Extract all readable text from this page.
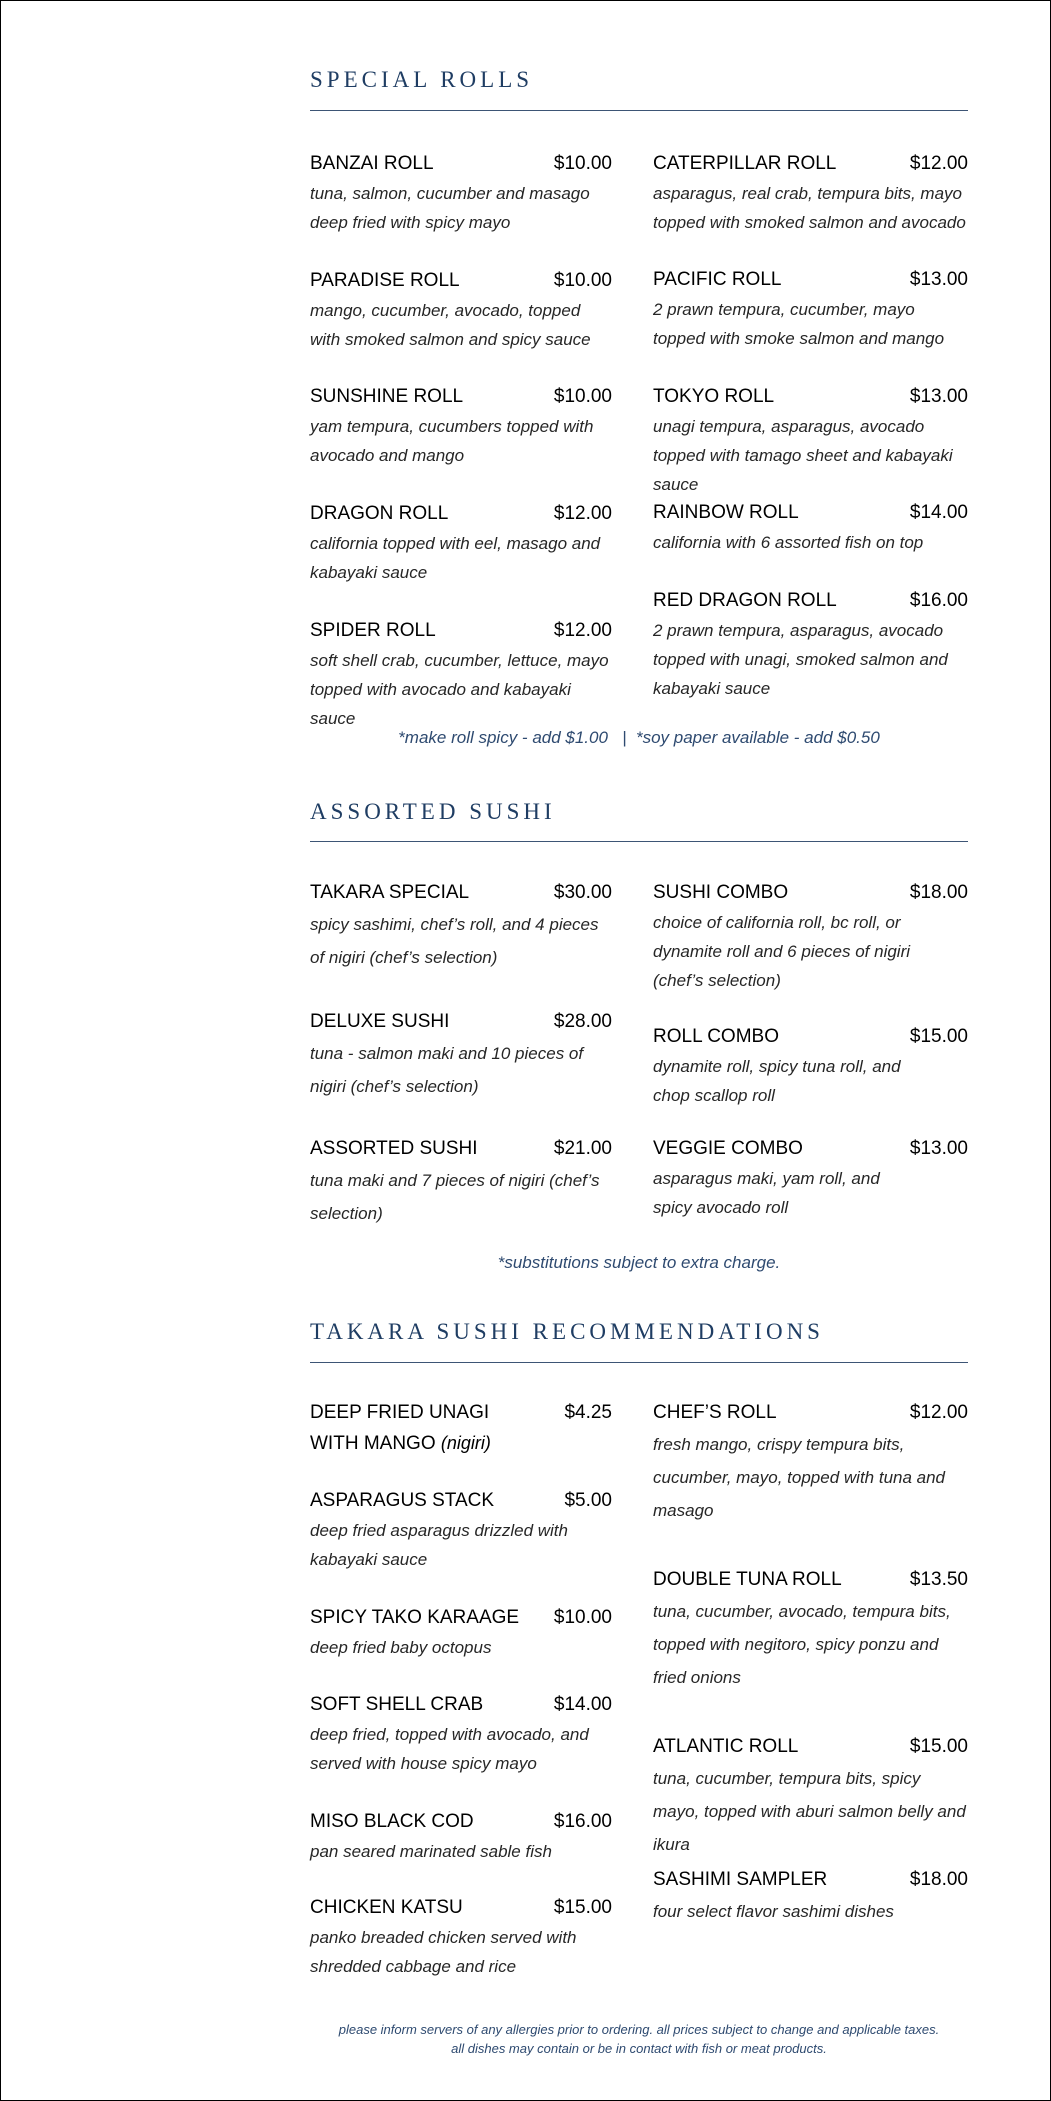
SPECIAL ROLLS
BANZAI ROLL	$10.00
tuna, salmon, cucumber and masago deep fried with spicy mayo
PARADISE ROLL	$10.00
mango, cucumber, avocado, topped with smoked salmon and spicy sauce
SUNSHINE ROLL	$10.00
yam tempura, cucumbers topped with avocado and mango
DRAGON ROLL	$12.00
california topped with eel, masago and kabayaki sauce
SPIDER ROLL	$12.00
soft shell crab, cucumber, lettuce, mayo topped with avocado and kabayaki sauce
CATERPILLAR ROLL	$12.00
asparagus, real crab, tempura bits, mayo topped with smoked salmon and avocado
PACIFIC ROLL	$13.00
2 prawn tempura, cucumber, mayo topped with smoke salmon and mango
TOKYO ROLL	$13.00
unagi tempura, asparagus, avocado topped with tamago sheet and kabayaki sauce
RAINBOW ROLL	$14.00
california with 6 assorted fish on top
RED DRAGON ROLL	$16.00
2 prawn tempura, asparagus, avocado topped with unagi, smoked salmon and kabayaki sauce
*make roll spicy - add $1.00   |  *soy paper available - add $0.50
ASSORTED SUSHI
TAKARA SPECIAL	$30.00
spicy sashimi, chef’s roll, and 4 pieces of nigiri (chef’s selection)
DELUXE SUSHI	$28.00
tuna - salmon maki and 10 pieces of nigiri (chef’s selection)
ASSORTED SUSHI	$21.00
tuna maki and 7 pieces of nigiri (chef’s selection)
SUSHI COMBO	$18.00
choice of california roll, bc roll, or dynamite roll and 6 pieces of nigiri (chef’s selection)
ROLL COMBO	$15.00
dynamite roll, spicy tuna roll, and chop scallop roll
VEGGIE COMBO	$13.00
asparagus maki, yam roll, and spicy avocado roll
*substitutions subject to extra charge.
TAKARA SUSHI RECOMMENDATIONS
DEEP FRIED UNAGI WITH MANGO (nigiri)
$4.25
ASPARAGUS STACK	$5.00
deep fried asparagus drizzled with kabayaki sauce
SPICY TAKO KARAAGE	$10.00
deep fried baby octopus
SOFT SHELL CRAB	$14.00
deep fried, topped with avocado, and served with house spicy mayo
MISO BLACK COD	$16.00
pan seared marinated sable fish
CHICKEN KATSU	$15.00
panko breaded chicken served with shredded cabbage and rice
CHEF’S ROLL	$12.00
fresh mango, crispy tempura bits, cucumber, mayo, topped with tuna and masago
DOUBLE TUNA ROLL	$13.50
tuna, cucumber, avocado, tempura bits, topped with negitoro, spicy ponzu and fried onions
ATLANTIC ROLL	$15.00
tuna, cucumber, tempura bits, spicy mayo, topped with aburi salmon belly and ikura
SASHIMI SAMPLER	$18.00
four select flavor sashimi dishes
please inform servers of any allergies prior to ordering. all prices subject to change and applicable taxes.
all dishes may contain or be in contact with fish or meat products.
